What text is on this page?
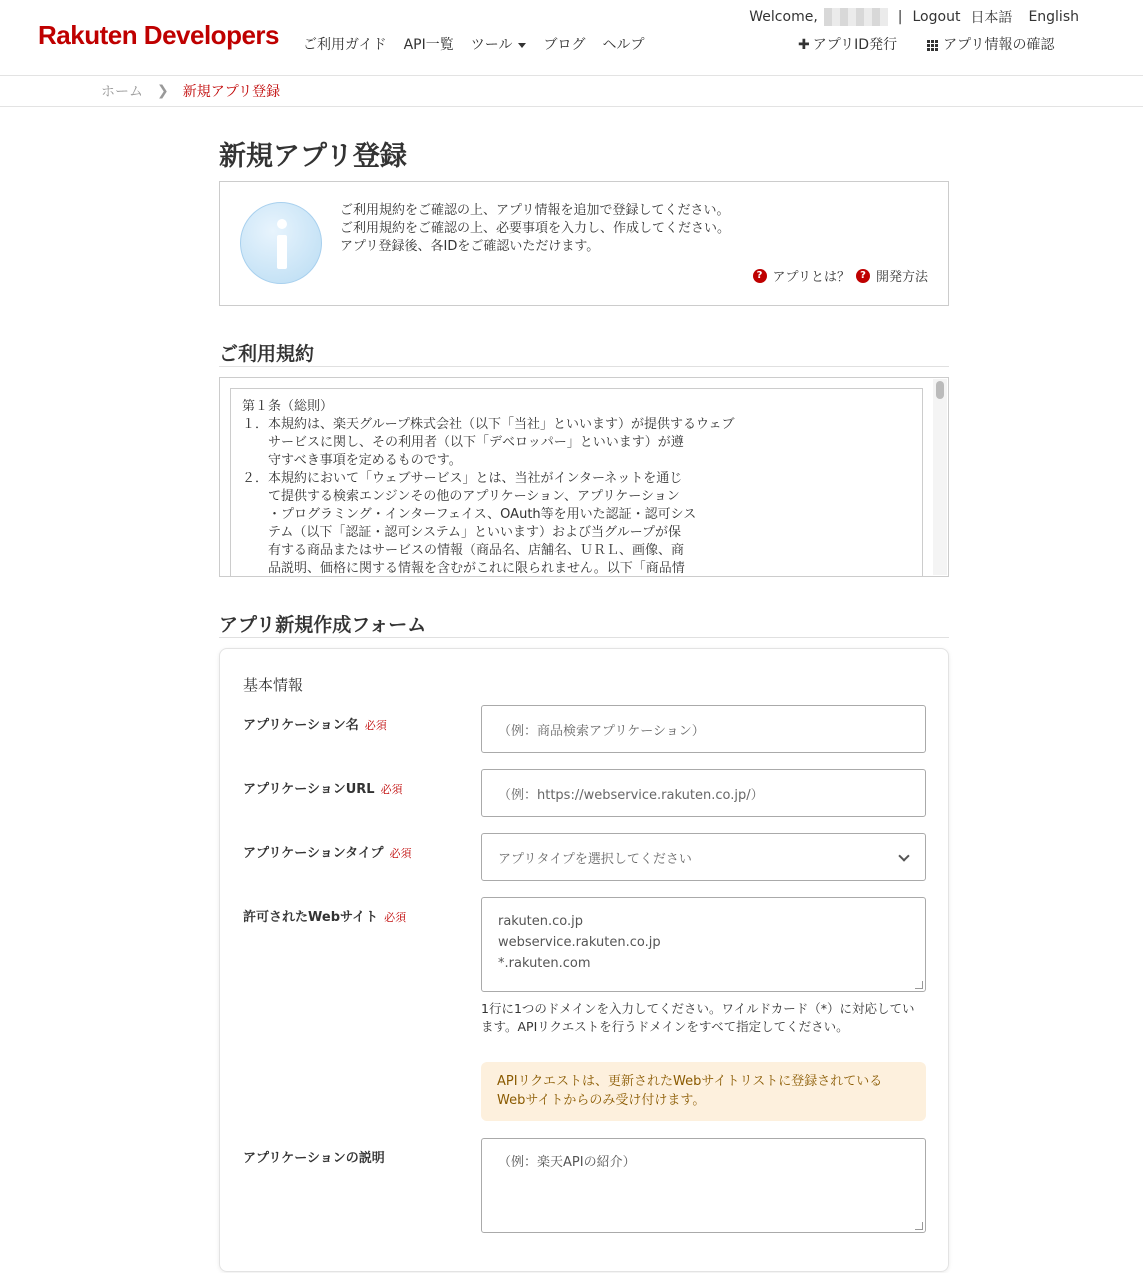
Rakuten Developers ご利用ガイド API一覧 ツール	ブログ ヘルプ
Welcome,	| Logout 日本語 English
✚ アプリID発行	アプリ情報の確認
ホーム ❯ 新規アプリ登録
新規アプリ登録
ご利用規約をご確認の上、アプリ情報を追加で登録してください。
ご利用規約をご確認の上、必要事項を入力し、作成してください。
アプリ登録後、各IDをご確認いただけます。
? アプリとは？	? 開発方法
ご利用規約
第１条（総則）
１．本規約は、楽天グループ株式会社（以下「当社」といいます）が提供するウェブ
　　サービスに関し、その利用者（以下「デベロッパー」といいます）が遵
　　守すべき事項を定めるものです。
２．本規約において「ウェブサービス」とは、当社がインターネットを通じ
　　て提供する検索エンジンその他のアプリケーション、アプリケーション
　　・プログラミング・インターフェイス、OAuth等を用いた認証・認可シス
　　テム（以下「認証・認可システム」といいます）および当グループが保
　　有する商品またはサービスの情報（商品名、店舗名、ＵＲＬ、画像、商
　　品説明、価格に関する情報を含むがこれに限られません。以下「商品情
アプリ新規作成フォーム
基本情報
アプリケーション名 必須	（例：商品検索アプリケーション）
アプリケーションURL 必須	（例：https://webservice.rakuten.co.jp/）
アプリケーションタイプ 必須	アプリタイプを選択してください
許可されたWebサイト 必須	rakuten.co.jp
webservice.rakuten.co.jp
*.rakuten.com
1行に1つのドメインを入力してください。ワイルドカード（*）に対応しています。APIリクエストを行うドメインをすべて指定してください。
APIリクエストは、更新されたWebサイトリストに登録されているWebサイトからのみ受け付けます。
アプリケーションの説明	（例：楽天APIの紹介）
